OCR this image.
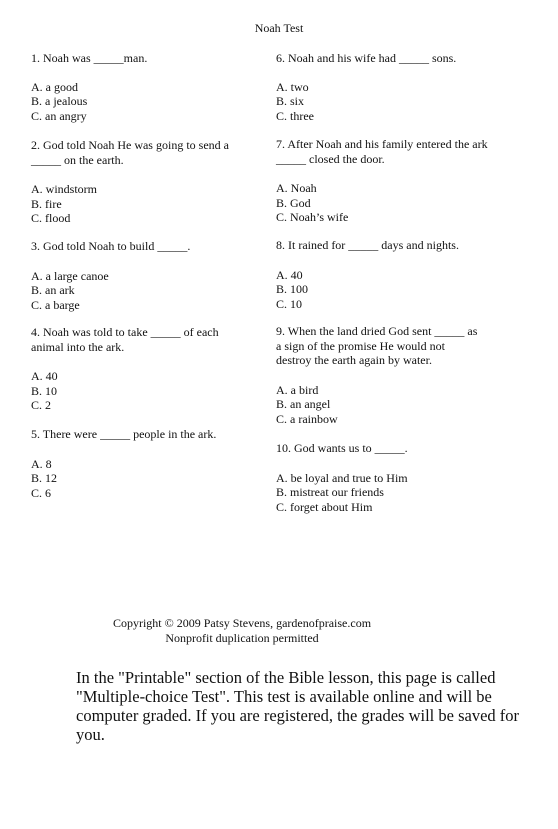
Noah Test

1. Noah was _____man.

A. a good

B. a jealous

C. an angry

2. God told Noah He was going to send a _____ on the earth.

A. windstorm

B. fire

C. flood

3. God told Noah to build _____.

A. a large canoe

B. an ark

C. a barge

4. Noah was told to take _____ of each animal into the ark.

A. 40

B. 10

C. 2

5. There were _____ people in the ark.

A. 8

B. 12

C. 6

6. Noah and his wife had _____ sons.

A. two

B. six

C. three

7. After Noah and his family entered the ark _____ closed the door.

A. Noah

B. God

C. Noah’s wife

8. It rained for _____ days and nights.

A. 40

B. 100

C. 10

9. When the land dried God sent _____ as a sign of the promise He would not destroy the earth again by water.

A. a bird

B. an angel

C. a rainbow

10. God wants us to _____.

A. be loyal and true to Him

B. mistreat our friends

C. forget about Him

Copyright © 2009 Patsy Stevens, gardenofpraise.com
Nonprofit duplication permitted
In the "Printable" section of the Bible lesson, this page is called "Multiple-choice Test". This test is available online and will be computer graded. If you are registered, the grades will be saved for you.
